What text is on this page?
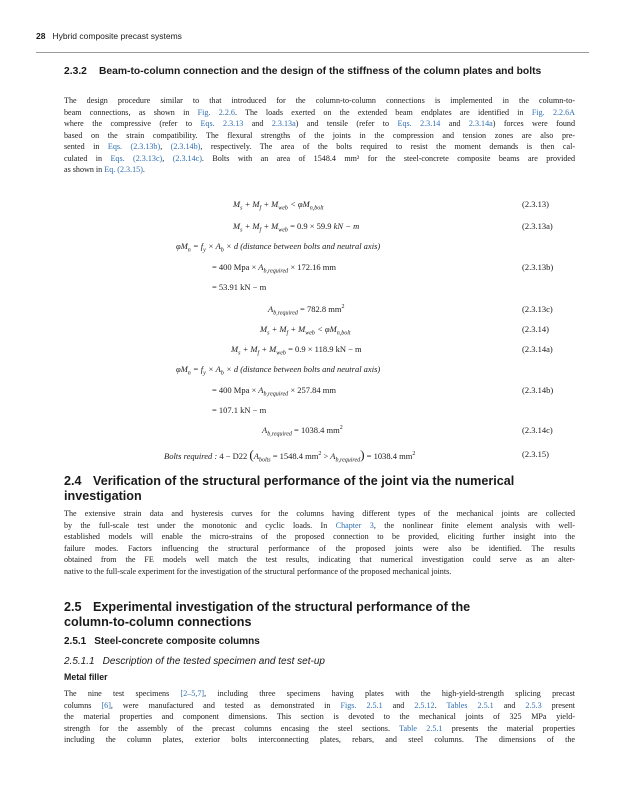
28 Hybrid composite precast systems
2.3.2 Beam-to-column connection and the design of the stiffness of the column plates and bolts
The design procedure similar to that introduced for the column-to-column connections is implemented in the column-to-
beam connections, as shown in Fig. 2.2.6. The loads exerted on the extended beam endplates are identified in Fig. 2.2.6A
where the compressive (refer to Eqs. 2.3.13 and 2.3.13a) and tensile (refer to Eqs. 2.3.14 and 2.3.14a) forces were found
based on the strain compatibility. The flexural strengths of the joints in the compression and tension zones are also pre-
sented in Eqs. (2.3.13b), (2.3.14b), respectively. The area of the bolts required to resist the moment demands is then cal-
culated in Eqs. (2.3.13c), (2.3.14c). Bolts with an area of 1548.4 mm² for the steel-concrete composite beams are provided
as shown in Eq. (2.3.15).
$M_s + M_f + M_{web} < \varphi M_{n,bolt}$	(2.3.13)
$M_s + M_f + M_{web} = 0.9 \times 59.9$ kN − m	(2.3.13a)
$\varphi M_n = f_y \times A_b \times d$ (distance between bolts and neutral axis)
= 400 Mpa × $A_{b,required} \times 172.16$ mm	(2.3.13b)
= 53.91 kN − m
$A_{b,required} = 782.8$ $mm^2$	(2.3.13c)
$M_s + M_f + M_{web} < \varphi M_{n,bolt}$	(2.3.14)
$M_s + M_f + M_{web} = 0.9 \times 118.9$ kN − m	(2.3.14a)
$\varphi M_n = f_y \times A_b \times d$ (distance between bolts and neutral axis)
= 400 Mpa × $A_{b,required} \times 257.84$ mm	(2.3.14b)
= 107.1 kN − m
$A_{b,required} = 1038.4$ $mm^2$	(2.3.14c)
Bolts required : 4 − D22 ($A_{bolts} = 1548.4$ $mm^2 > A_{b,required}) = 1038.4$ $mm^2$	(2.3.15)
2.4 Verification of the structural performance of the joint via the numerical
investigation
The extensive strain data and hysteresis curves for the columns having different types of the mechanical joints are collected
by the full-scale test under the monotonic and cyclic loads. In Chapter 3, the nonlinear finite element analysis with well-
established models will enable the micro-strains of the proposed connection to be provided, eliciting further insight into the
failure modes. Factors influencing the structural performance of the proposed joints were also be identified. The results
obtained from the FE models well match the test results, indicating that numerical investigation could serve as an alter-
native to the full-scale experiment for the investigation of the structural performance of the proposed mechanical joints.
2.5 Experimental investigation of the structural performance of the
column-to-column connections
2.5.1 Steel-concrete composite columns
2.5.1.1 Description of the tested specimen and test set-up
Metal filler
The nine test specimens [2–5,7], including three specimens having plates with the high-yield-strength splicing precast
columns [6], were manufactured and tested as demonstrated in Figs. 2.5.1 and 2.5.12. Tables 2.5.1 and 2.5.3 present
the material properties and component dimensions. This section is devoted to the mechanical joints of 325 MPa yield-
strength for the assembly of the precast columns encasing the steel sections. Table 2.5.1 presents the material properties
including the column plates, exterior bolts interconnecting plates, rebars, and steel columns. The dimensions of the
